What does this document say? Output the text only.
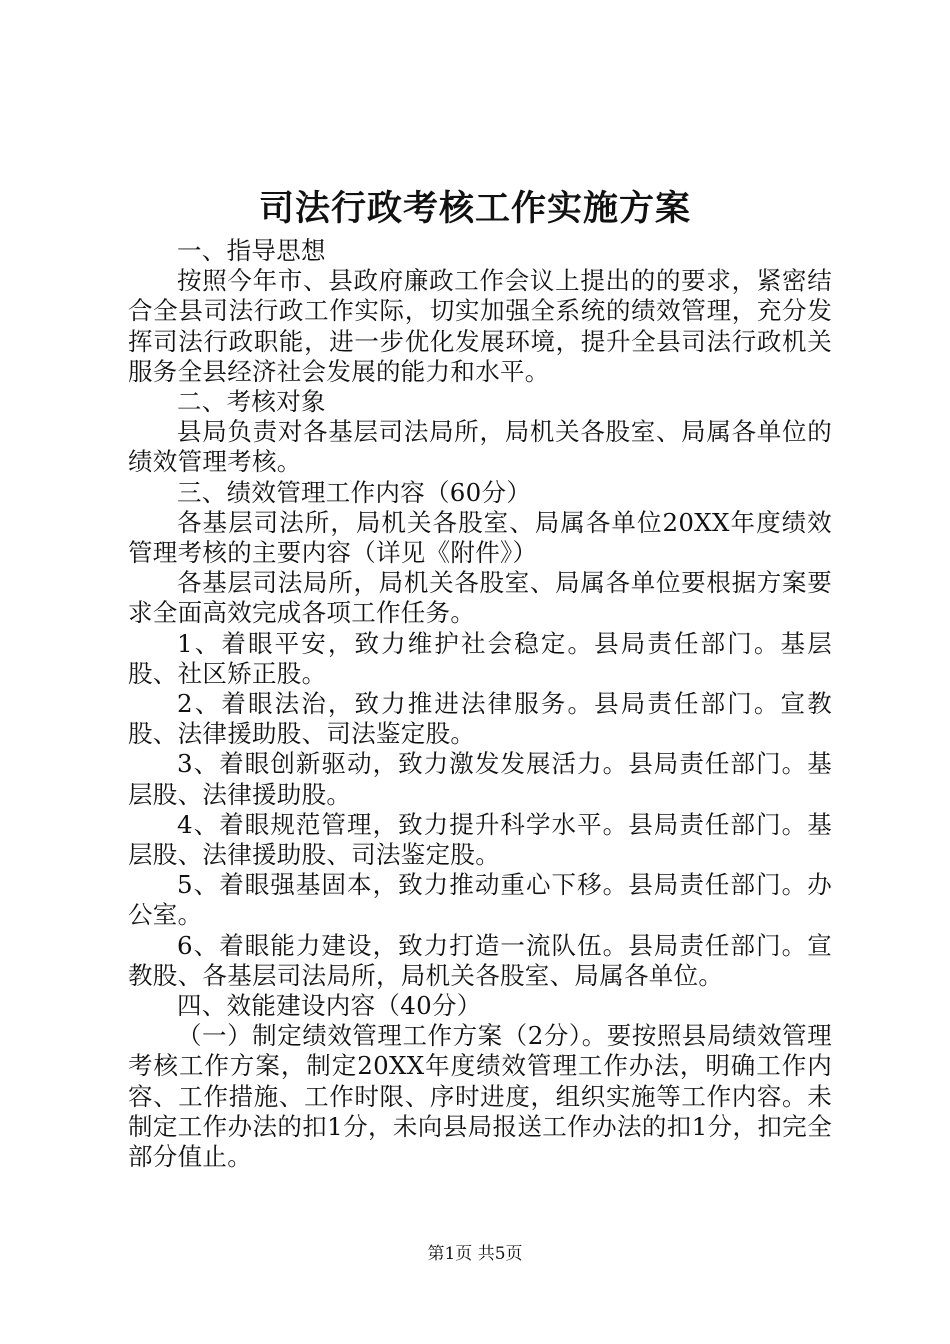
司法行政考核工作实施方案

一、指导思想

按照今年市、县政府廉政工作会议上提出的的要求，紧密结合全县司法行政工作实际，切实加强全系统的绩效管理，充分发挥司法行政职能，进一步优化发展环境，提升全县司法行政机关服务全县经济社会发展的能力和水平。

二、考核对象

县局负责对各基层司法局所，局机关各股室、局属各单位的绩效管理考核。

三、绩效管理工作内容（60分）

各基层司法所，局机关各股室、局属各单位20XX年度绩效管理考核的主要内容（详见《附件》）

各基层司法局所，局机关各股室、局属各单位要根据方案要求全面高效完成各项工作任务。

1、着眼平安，致力维护社会稳定。县局责任部门。基层股、社区矫正股。

2、着眼法治，致力推进法律服务。县局责任部门。宣教股、法律援助股、司法鉴定股。

3、着眼创新驱动，致力激发发展活力。县局责任部门。基层股、法律援助股。

4、着眼规范管理，致力提升科学水平。县局责任部门。基层股、法律援助股、司法鉴定股。

5、着眼强基固本，致力推动重心下移。县局责任部门。办公室。

6、着眼能力建设，致力打造一流队伍。县局责任部门。宣教股、各基层司法局所，局机关各股室、局属各单位。

四、效能建设内容（40分）

（一）制定绩效管理工作方案（2分）。要按照县局绩效管理考核工作方案，制定20XX年度绩效管理工作办法，明确工作内容、工作措施、工作时限、序时进度，组织实施等工作内容。未制定工作办法的扣1分，未向县局报送工作办法的扣1分，扣完全部分值止。

第1页 共5页
